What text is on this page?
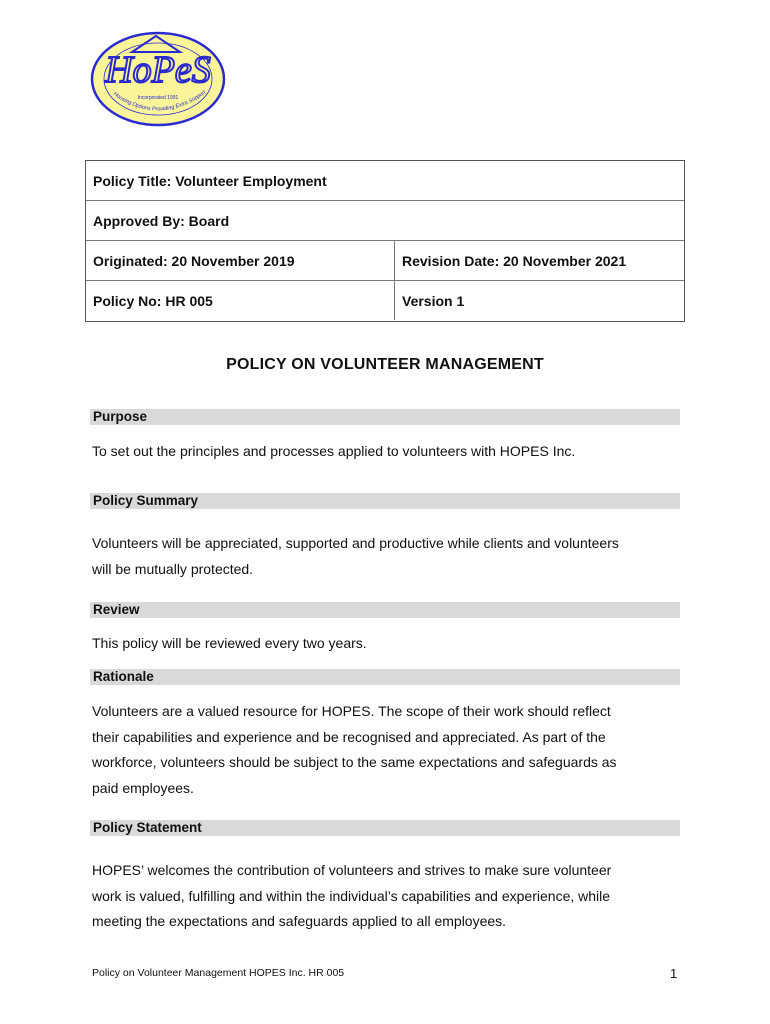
HoPeS
Incorporated 1991
Housing Options Providing Extra Support
Policy Title: Volunteer Employment
Approved By: Board
Originated: 20 November 2019	Revision Date: 20 November 2021
Policy No: HR 005	Version 1
POLICY ON VOLUNTEER MANAGEMENT
Purpose
To set out the principles and processes applied to volunteers with HOPES Inc.
Policy Summary
Volunteers will be appreciated, supported and productive while clients and volunteers
will be mutually protected.
Review
This policy will be reviewed every two years.
Rationale
Volunteers are a valued resource for HOPES. The scope of their work should reflect
their capabilities and experience and be recognised and appreciated. As part of the
workforce, volunteers should be subject to the same expectations and safeguards as
paid employees.
Policy Statement
HOPES’ welcomes the contribution of volunteers and strives to make sure volunteer
work is valued, fulfilling and within the individual’s capabilities and experience, while
meeting the expectations and safeguards applied to all employees.
Policy on Volunteer Management HOPES Inc. HR 005	1
